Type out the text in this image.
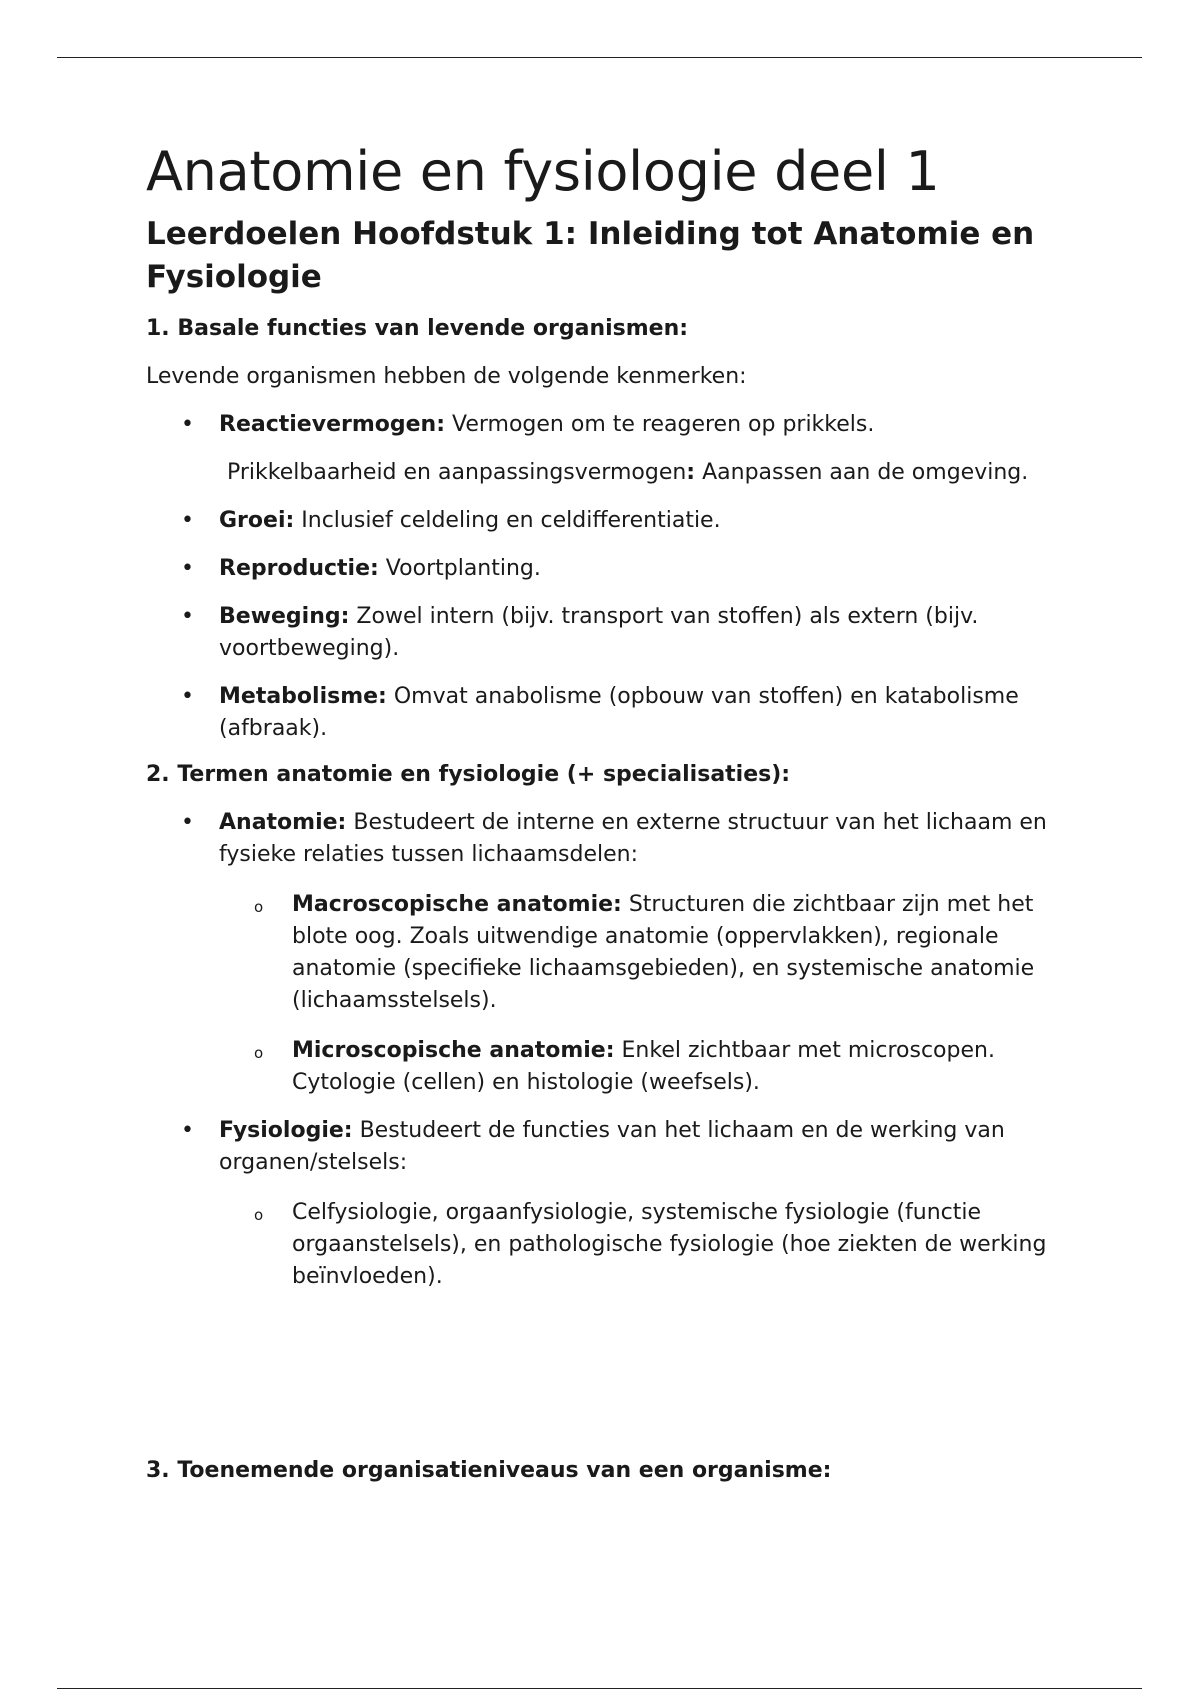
Anatomie en fysiologie deel 1
Leerdoelen Hoofdstuk 1: Inleiding tot Anatomie en Fysiologie
1. Basale functies van levende organismen:

Levende organismen hebben de volgende kenmerken:

• Reactievermogen: Vermogen om te reageren op prikkels.
Prikkelbaarheid en aanpassingsvermogen: Aanpassen aan de omgeving.
• Groei: Inclusief celdeling en celdifferentiatie.
• Reproductie: Voortplanting.
• Beweging: Zowel intern (bijv. transport van stoffen) als extern (bijv. voortbeweging).
• Metabolisme: Omvat anabolisme (opbouw van stoffen) en katabolisme (afbraak).
2. Termen anatomie en fysiologie (+ specialisaties):
• Anatomie: Bestudeert de interne en externe structuur van het lichaam en fysieke relaties tussen lichaamsdelen:
o Macroscopische anatomie: Structuren die zichtbaar zijn met het blote oog. Zoals uitwendige anatomie (oppervlakken), regionale anatomie (specifieke lichaamsgebieden), en systemische anatomie (lichaamsstelsels).
o Microscopische anatomie: Enkel zichtbaar met microscopen. Cytologie (cellen) en histologie (weefsels).
• Fysiologie: Bestudeert de functies van het lichaam en de werking van organen/stelsels:
o Celfysiologie, orgaanfysiologie, systemische fysiologie (functie orgaanstelsels), en pathologische fysiologie (hoe ziekten de werking beïnvloeden).
3. Toenemende organisatieniveaus van een organisme:
